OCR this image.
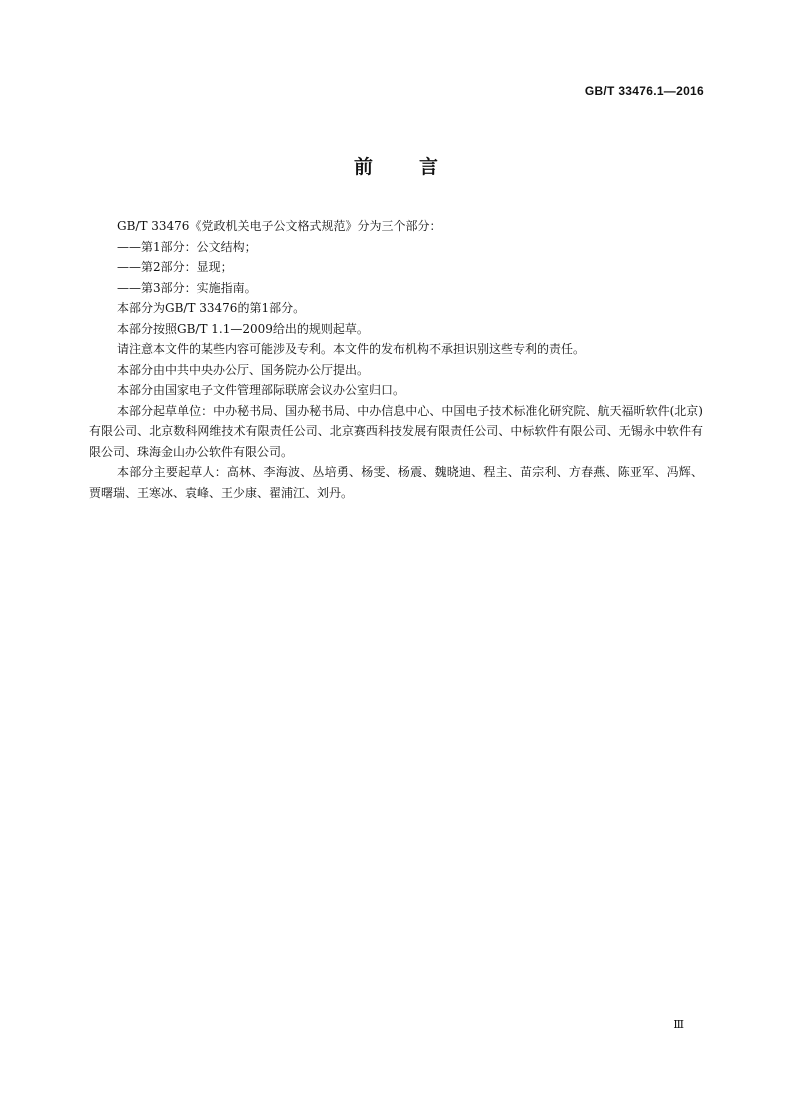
GB/T 33476.1—2016
前言

GB/T 33476《党政机关电子公文格式规范》分为三个部分：

——第1部分：公文结构；

——第2部分：显现；

——第3部分：实施指南。

本部分为GB/T 33476的第1部分。

本部分按照GB/T 1.1—2009给出的规则起草。

请注意本文件的某些内容可能涉及专利。本文件的发布机构不承担识别这些专利的责任。

本部分由中共中央办公厅、国务院办公厅提出。

本部分由国家电子文件管理部际联席会议办公室归口。

本部分起草单位：中办秘书局、国办秘书局、中办信息中心、中国电子技术标准化研究院、航天福昕软件(北京)有限公司、北京数科网维技术有限责任公司、北京赛西科技发展有限责任公司、中标软件有限公司、无锡永中软件有限公司、珠海金山办公软件有限公司。

本部分主要起草人：高林、李海波、丛培勇、杨雯、杨震、魏晓迪、程主、苗宗利、方春燕、陈亚军、冯辉、贾曙瑞、王寒冰、袁峰、王少康、翟浦江、刘丹。

Ⅲ
